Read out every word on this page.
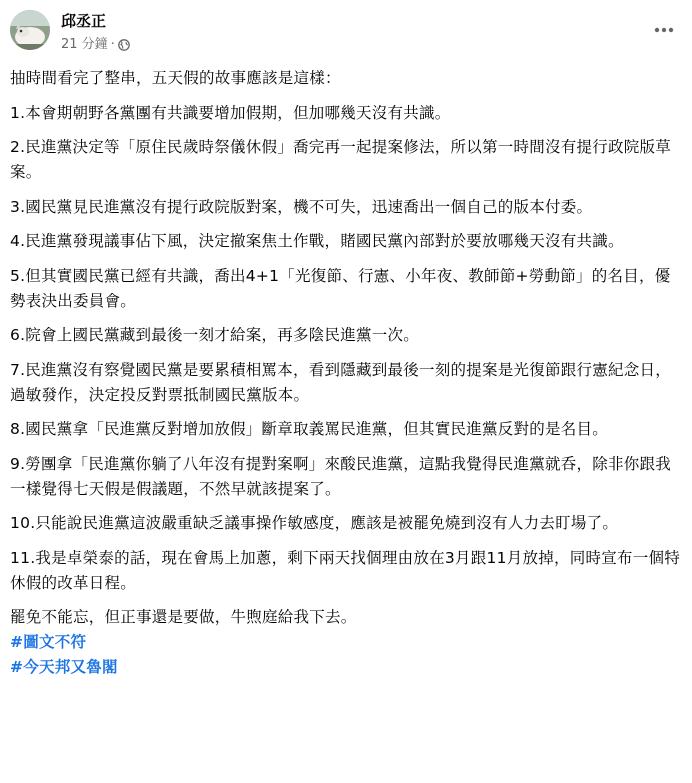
邱丞正
21 分鐘 ·

抽時間看完了整串，五天假的故事應該是這樣：

1.本會期朝野各黨團有共識要增加假期，但加哪幾天沒有共識。

2.民進黨決定等「原住民歲時祭儀休假」喬完再一起提案修法，所以第一時間沒有提行政院版草案。

3.國民黨見民進黨沒有提行政院版對案，機不可失，迅速喬出一個自己的版本付委。

4.民進黨發現議事佔下風，決定撤案焦土作戰，賭國民黨內部對於要放哪幾天沒有共識。

5.但其實國民黨已經有共識，喬出4+1「光復節、行憲、小年夜、教師節+勞動節」的名目，優勢表決出委員會。

6.院會上國民黨藏到最後一刻才給案，再多陰民進黨一次。

7.民進黨沒有察覺國民黨是要累積相罵本，看到隱藏到最後一刻的提案是光復節跟行憲紀念日，過敏發作，決定投反對票抵制國民黨版本。

8.國民黨拿「民進黨反對增加放假」斷章取義罵民進黨，但其實民進黨反對的是名目。

9.勞團拿「民進黨你躺了八年沒有提對案啊」來酸民進黨，這點我覺得民進黨就呑，除非你跟我一樣覺得七天假是假議題，不然早就該提案了。

10.只能說民進黨這波嚴重缺乏議事操作敏感度，應該是被罷免燒到沒有人力去盯場了。

11.我是卓榮泰的話，現在會馬上加蔥，剩下兩天找個理由放在3月跟11月放掉，同時宣布一個特休假的改革日程。

罷免不能忘，但正事還是要做，牛煦庭給我下去。

#圖文不符
#今天邦又魯閣
